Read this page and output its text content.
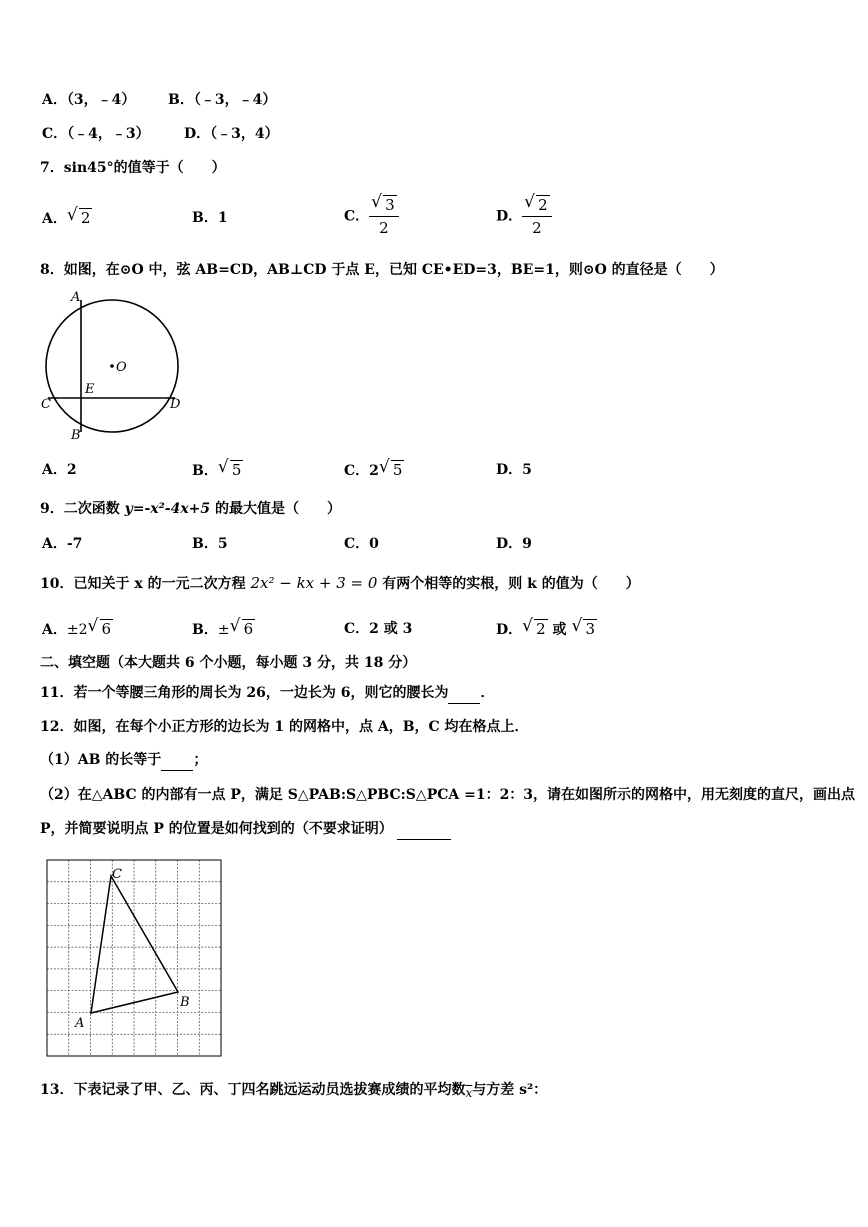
A．（3，﹣4） B．（﹣3，﹣4）
C．（﹣4，﹣3） D．（﹣3，4）
7．sin45°的值等于（　　）
A． √ 2	B．1	C． $\frac{√ 3}{2}$	D． $\frac{√ 2}{2}$
8．如图，在⊙O 中，弦 AB=CD，AB⊥CD 于点 E，已知 CE•ED=3，BE=1，则⊙O 的直径是（　　）
A
B
C	D
E
O
A．2	B． √ 5	C．2 √ 5	D．5
9．二次函数 y=-x²-4x+5 的最大值是（　　）
A．-7	B．5	C．0	D．9
10．已知关于 x 的一元二次方程 2x² − kx + 3 = 0 有两个相等的实根，则 k 的值为（　　）
A．±2 √ 6	B．± √ 6	C．2 或 3	D． √ 2 或 √ 3
二、填空题（本大题共 6 个小题，每小题 3 分，共 18 分）
11．若一个等腰三角形的周长为 26，一边长为 6，则它的腰长为 ．
12．如图，在每个小正方形的边长为 1 的网格中，点 A，B，C 均在格点上．
（1）AB 的长等于 ；
（2）在△ABC 的内部有一点 P，满足 S△PAB:S△PBC:S△PCA =1：2：3，请在如图所示的网格中，用无刻度的直尺，画出点
P，并简要说明点 P 的位置是如何找到的（不要求证明）
A
B
C
13．下表记录了甲、乙、丙、丁四名跳远运动员选拔赛成绩的平均数$\overline{x}$与方差 s²：
